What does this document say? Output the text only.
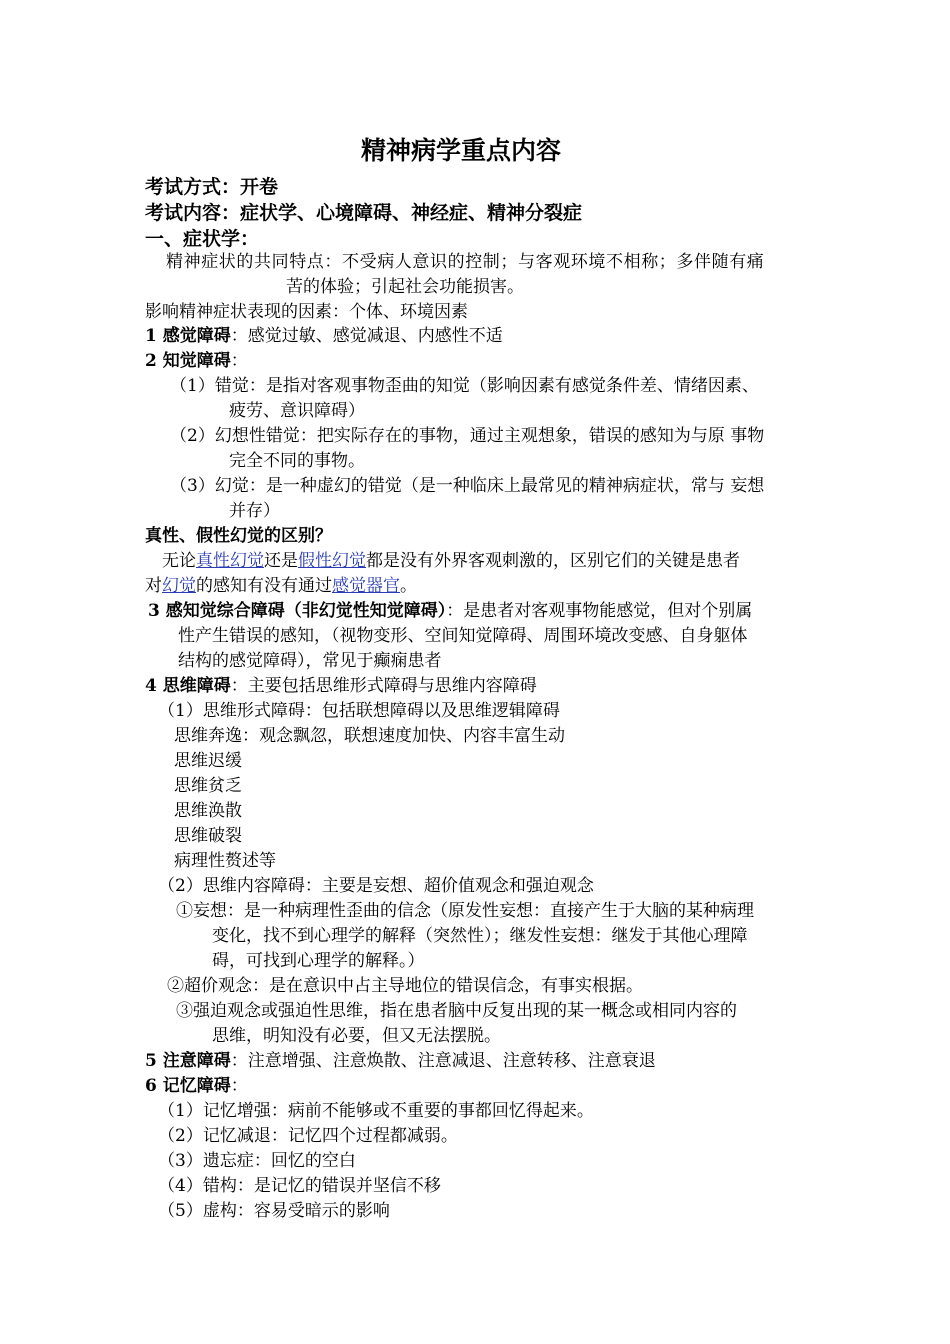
精神病学重点内容
考试方式：开卷
考试内容：症状学、心境障碍、神经症、精神分裂症
一、症状学：
精神症状的共同特点：不受病人意识的控制；与客观环境不相称；多伴随有痛
苦的体验；引起社会功能损害。
影响精神症状表现的因素：个体、环境因素
1 感觉障碍：感觉过敏、感觉减退、内感性不适
2 知觉障碍：
（1）错觉：是指对客观事物歪曲的知觉（影响因素有感觉条件差、情绪因素、
疲劳、意识障碍）
（2）幻想性错觉：把实际存在的事物，通过主观想象，错误的感知为与原 事物
完全不同的事物。
（3）幻觉：是一种虚幻的错觉（是一种临床上最常见的精神病症状，常与 妄想
并存）
真性、假性幻觉的区别？
无论真性幻觉还是假性幻觉都是没有外界客观刺激的，区别它们的关键是患者
对幻觉的感知有没有通过感觉器官。
3 感知觉综合障碍（非幻觉性知觉障碍）：是患者对客观事物能感觉，但对个别属
性产生错误的感知，（视物变形、空间知觉障碍、周围环境改变感、自身躯体
结构的感觉障碍），常见于癫痫患者
4 思维障碍：主要包括思维形式障碍与思维内容障碍
（1）思维形式障碍：包括联想障碍以及思维逻辑障碍
思维奔逸：观念飘忽，联想速度加快、内容丰富生动
思维迟缓
思维贫乏
思维涣散
思维破裂
病理性赘述等
（2）思维内容障碍：主要是妄想、超价值观念和强迫观念
①妄想：是一种病理性歪曲的信念（原发性妄想：直接产生于大脑的某种病理
变化，找不到心理学的解释（突然性）；继发性妄想：继发于其他心理障
碍，可找到心理学的解释。）
②超价观念：是在意识中占主导地位的错误信念，有事实根据。
③强迫观念或强迫性思维，指在患者脑中反复出现的某一概念或相同内容的
思维，明知没有必要，但又无法摆脱。
5 注意障碍：注意增强、注意焕散、注意减退、注意转移、注意衰退
6 记忆障碍：
（1）记忆增强：病前不能够或不重要的事都回忆得起来。
（2）记忆减退：记忆四个过程都减弱。
（3）遗忘症：回忆的空白
（4）错构：是记忆的错误并坚信不移
（5）虚构：容易受暗示的影响
